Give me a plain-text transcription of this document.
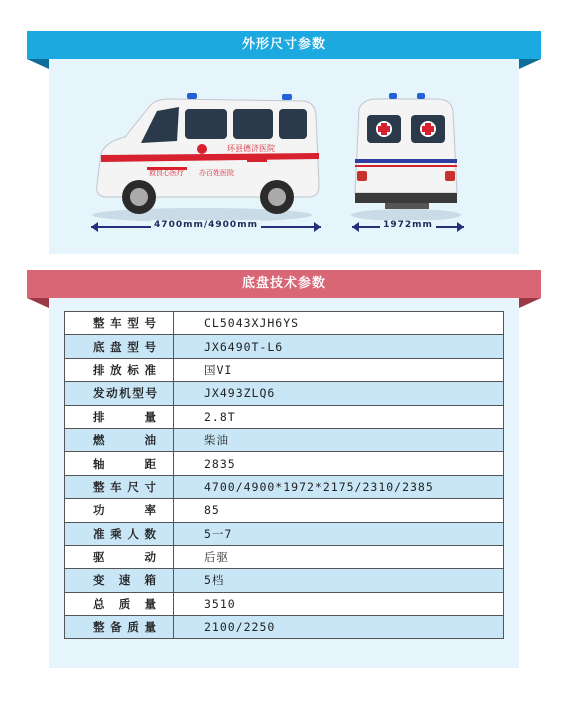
外形尺寸参数
环县德济医院
救良心医疗 办百姓医院
4700mm/4900mm	1972mm
底盘技术参数
整车型号	CL5043XJH6YS
底盘型号	JX6490T-L6
排放标准	国VI
发动机型号	JX493ZLQ6
排量	2.8T
燃油	柴油
轴距	2835
整车尺寸	4700/4900*1972*2175/2310/2385
功率	85
准乘人数	5一7
驱动	后驱
变速箱	5档
总质量	3510
整备质量	2100/2250
